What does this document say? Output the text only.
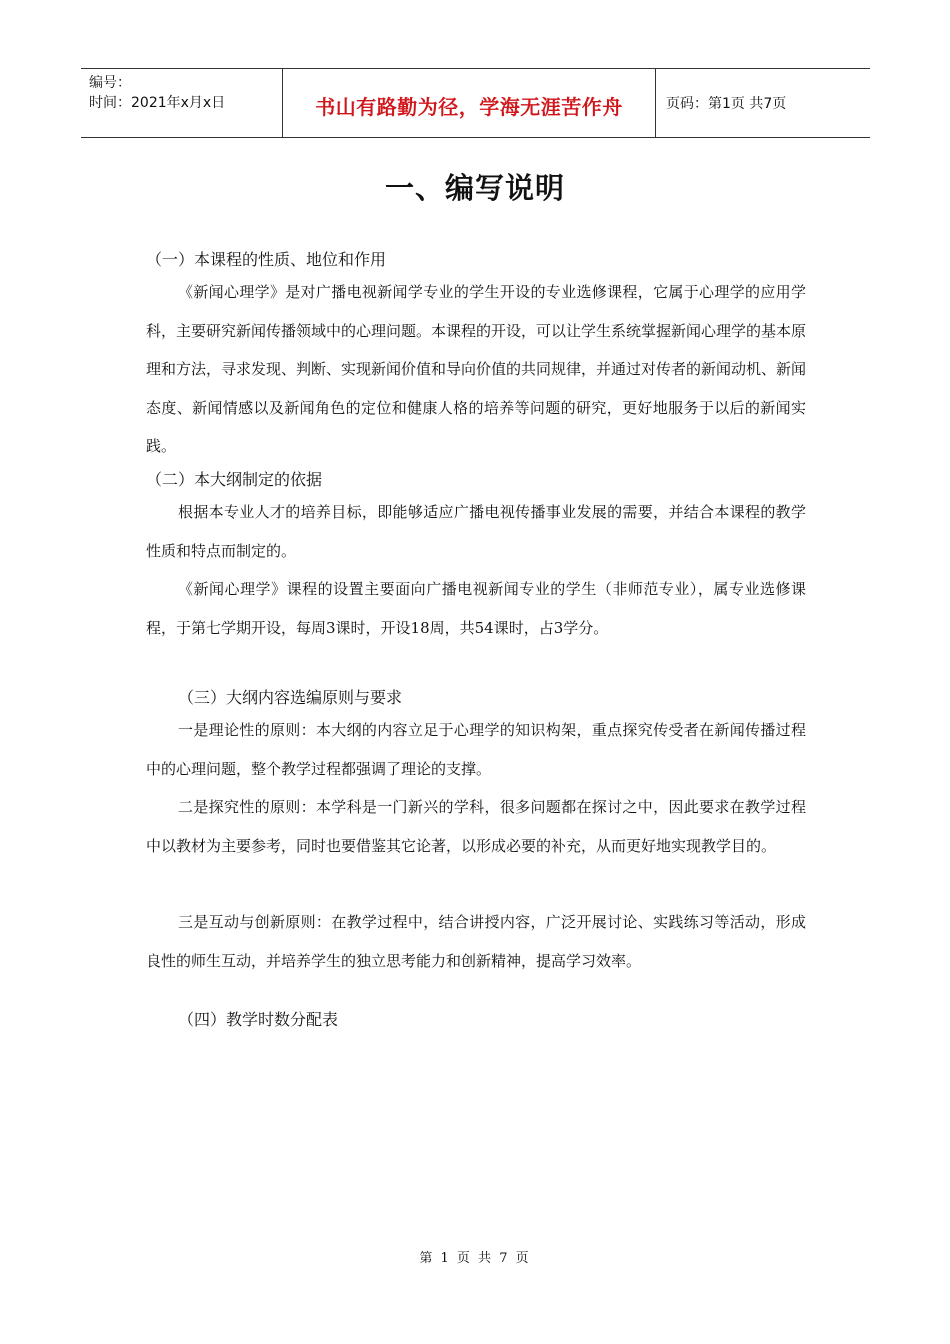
编号：
时间：2021年x月x日	书山有路勤为径，学海无涯苦作舟	页码：第1页 共7页
一、编写说明
（一）本课程的性质、地位和作用

《新闻心理学》是对广播电视新闻学专业的学生开设的专业选修课程，它属于心理学的应用学科，主要研究新闻传播领域中的心理问题。本课程的开设，可以让学生系统掌握新闻心理学的基本原理和方法，寻求发现、判断、实现新闻价值和导向价值的共同规律，并通过对传者的新闻动机、新闻态度、新闻情感以及新闻角色的定位和健康人格的培养等问题的研究，更好地服务于以后的新闻实践。

（二）本大纲制定的依据

根据本专业人才的培养目标，即能够适应广播电视传播事业发展的需要，并结合本课程的教学性质和特点而制定的。

《新闻心理学》课程的设置主要面向广播电视新闻专业的学生（非师范专业），属专业选修课程，于第七学期开设，每周3课时，开设18周，共54课时，占3学分。

（三）大纲内容选编原则与要求

一是理论性的原则：本大纲的内容立足于心理学的知识构架，重点探究传受者在新闻传播过程中的心理问题，整个教学过程都强调了理论的支撑。

二是探究性的原则：本学科是一门新兴的学科，很多问题都在探讨之中，因此要求在教学过程中以教材为主要参考，同时也要借鉴其它论著，以形成必要的补充，从而更好地实现教学目的。

三是互动与创新原则：在教学过程中，结合讲授内容，广泛开展讨论、实践练习等活动，形成良性的师生互动，并培养学生的独立思考能力和创新精神，提高学习效率。

（四）教学时数分配表
第 1 页 共 7 页
